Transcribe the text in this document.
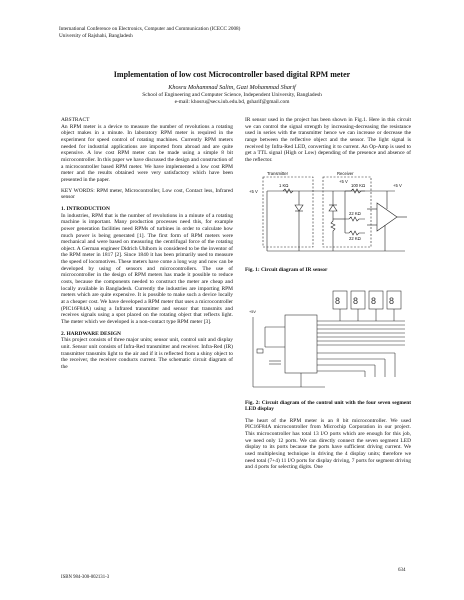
International Conference on Electronics, Computer and Communication (ICECC 2008)
University of Rajshahi, Bangladesh
Implementation of low cost Microcontroller based digital RPM meter
Khosru Mohammad Salim, Gazi Mohammad Sharif
School of Engineering and Computer Science, Independent University, Bangladesh
e-mail: khosru@secs.iub.edu.bd, gsharif@gmail.com
ABSTRACT

An RPM meter is a device to measure the number of revolutions a rotating object makes in a minute. In laboratory RPM meter is required in the experiment for speed control of rotating machines. Currently RPM meters needed for industrial applications are imported from abroad and are quite expensive. A low cost RPM meter can be made using a simple 8 bit microcontroller. In this paper we have discussed the design and construction of a microcontroller based RPM meter. We have implemented a low cost RPM meter and the results obtained were very satisfactory which have been presented in the paper.

KEY WORDS: RPM meter, Microcontroller, Low cost, Contact less, Infrared sensor

1. INTRODUCTION

In industries, RPM that is the number of revolutions in a minute of a rotating machine is important. Many production processes need this, for example power generation facilities need RPMs of turbines in order to calculate how much power is being generated [1]. The first form of RPM meters were mechanical and were based on measuring the centrifugal force of the rotating object. A German engineer Didrich Uhlhorn is considered to be the inventor of the RPM meter in 1817 [2]. Since 1840 it has been primarily used to measure the speed of locomotives. These meters have come a long way and now can be developed by using of sensors and microcontrollers. The use of microcontroller in the design of RPM meters has made it possible to reduce costs, because the components needed to construct the meter are cheap and locally available in Bangladesh. Currently the industries are importing RPM meters which are quite expensive. It is possible to make such a device locally at a cheaper cost. We have developed a RPM meter that uses a microcontroller (PIC16F84A) using a Infrared transmitter and sensor that transmits and receives signals using a spot placed on the rotating object that reflects light. The meter which we developed is a non-contact type RPM meter [3].

2. HARDWARE DESIGN

This project consists of three major units; sensor unit, control unit and display unit. Sensor unit consists of Infra-Red transmitter and receiver. Infra-Red (IR) transmitter transmits light to the air and if it is reflected from a shiny object to the receiver, the receiver conducts current. The schematic circuit diagram of the

IR sensor used in the project has been shown in Fig.1. Here in this circuit we can control the signal strength by increasing-decreasing the resistance used in series with the transmitter hence we can increase or decrease the range between the reflective object and the sensor. The light signal is received by Infra-Red LED, converting it to current. An Op-Amp is used to get a TTL signal (High or Low) depending of the presence and absence of the reflector.

Transmitter	Receiver
1 KΩ	100 KΩ
22 KΩ
22 KΩ
+5 V
+5 V
+5 V
Fig. 1: Circuit diagram of IR sensor
+5V
8 8 8 8
Fig. 2: Circuit diagram of the control unit with the four seven segment LED display

The heart of the RPM meter is an 8 bit microcontroller. We used PIC16F84A microcontroller from Microchip Corporation in our project. This microcontroller has total 13 I/O ports which are enough for this job, we need only 12 ports. We can directly connect the seven segment LED display to its ports because the ports have sufficient driving current. We used multiplexing technique in driving the 4 display units; therefore we need total (7+4) 11 I/O ports for display driving, 7 ports for segment driving and 4 ports for selecting digits. One

ISBN 984-300-002131-3
634
